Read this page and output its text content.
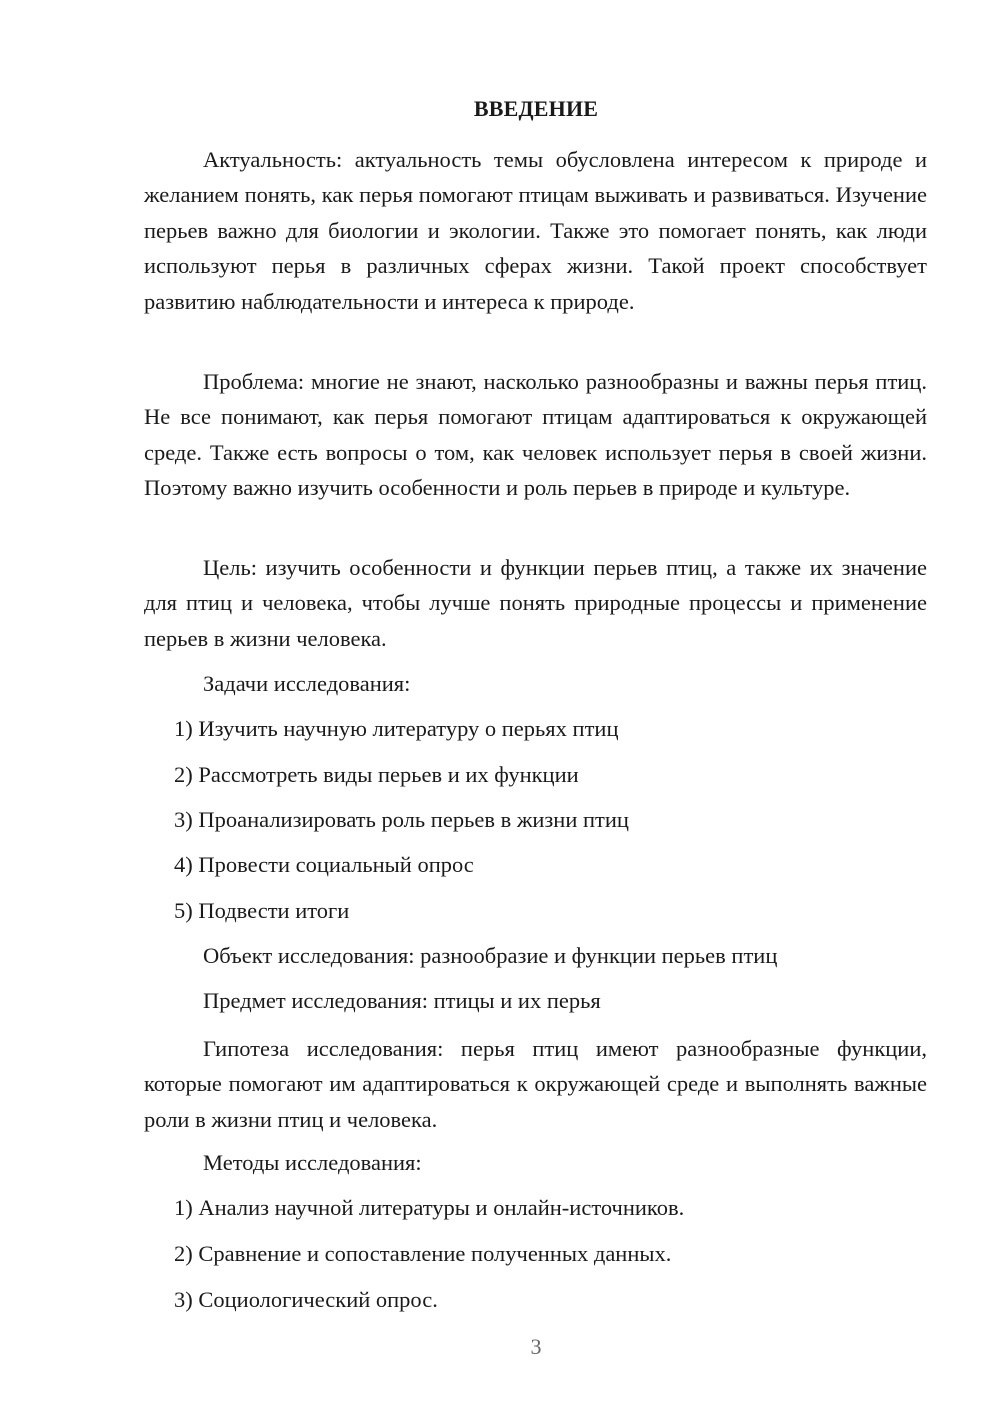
ВВЕДЕНИЕ

Актуальность: актуальность темы обусловлена интересом к природе и желанием понять, как перья помогают птицам выживать и развиваться. Изучение перьев важно для биологии и экологии. Также это помогает понять, как люди используют перья в различных сферах жизни. Такой проект способствует развитию наблюдательности и интереса к природе.

Проблема: многие не знают, насколько разнообразны и важны перья птиц. Не все понимают, как перья помогают птицам адаптироваться к окружающей среде. Также есть вопросы о том, как человек использует перья в своей жизни. Поэтому важно изучить особенности и роль перьев в природе и культуре.

Цель: изучить особенности и функции перьев птиц, а также их значение для птиц и человека, чтобы лучше понять природные процессы и применение перьев в жизни человека.

Задачи исследования:
1) Изучить научную литературу о перьях птиц
2) Рассмотреть виды перьев и их функции
3) Проанализировать роль перьев в жизни птиц
4) Провести социальный опрос
5) Подвести итоги
Объект исследования: разнообразие и функции перьев птиц
Предмет исследования: птицы и их перья

Гипотеза исследования: перья птиц имеют разнообразные функции, которые помогают им адаптироваться к окружающей среде и выполнять важные роли в жизни птиц и человека.

Методы исследования:
1) Анализ научной литературы и онлайн-источников.
2) Сравнение и сопоставление полученных данных.
3) Социологический опрос.
3
